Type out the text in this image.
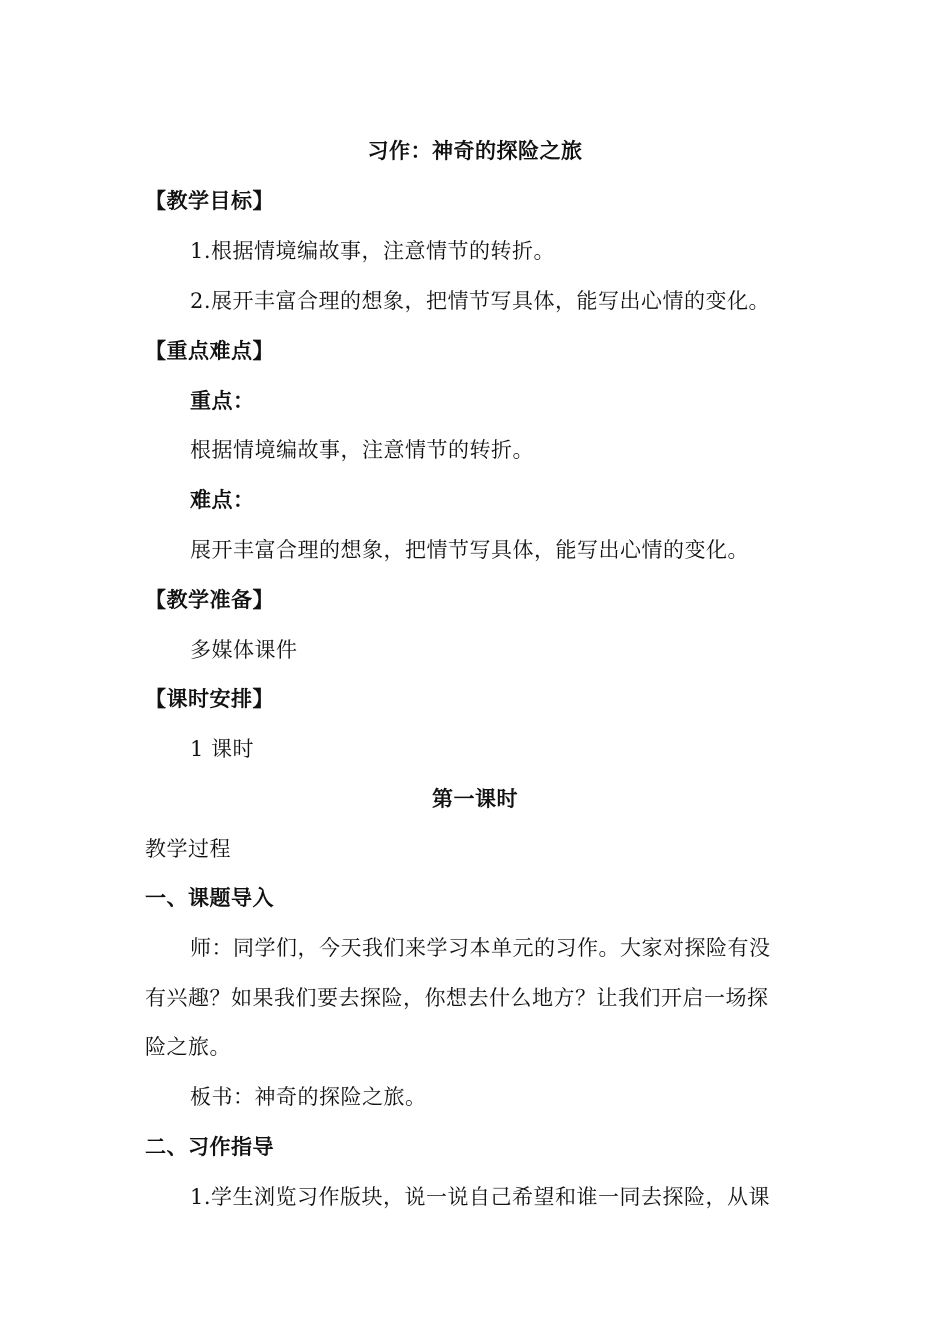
习作：神奇的探险之旅
【教学目标】
1.根据情境编故事，注意情节的转折。
2.展开丰富合理的想象，把情节写具体，能写出心情的变化。
【重点难点】
重点：
根据情境编故事，注意情节的转折。
难点：
展开丰富合理的想象，把情节写具体，能写出心情的变化。
【教学准备】
多媒体课件
【课时安排】
1 课时
第一课时
教学过程
一、课题导入
师：同学们，今天我们来学习本单元的习作。大家对探险有没
有兴趣？如果我们要去探险，你想去什么地方？让我们开启一场探
险之旅。
板书：神奇的探险之旅。
二、习作指导
1.学生浏览习作版块，说一说自己希望和谁一同去探险，从课
